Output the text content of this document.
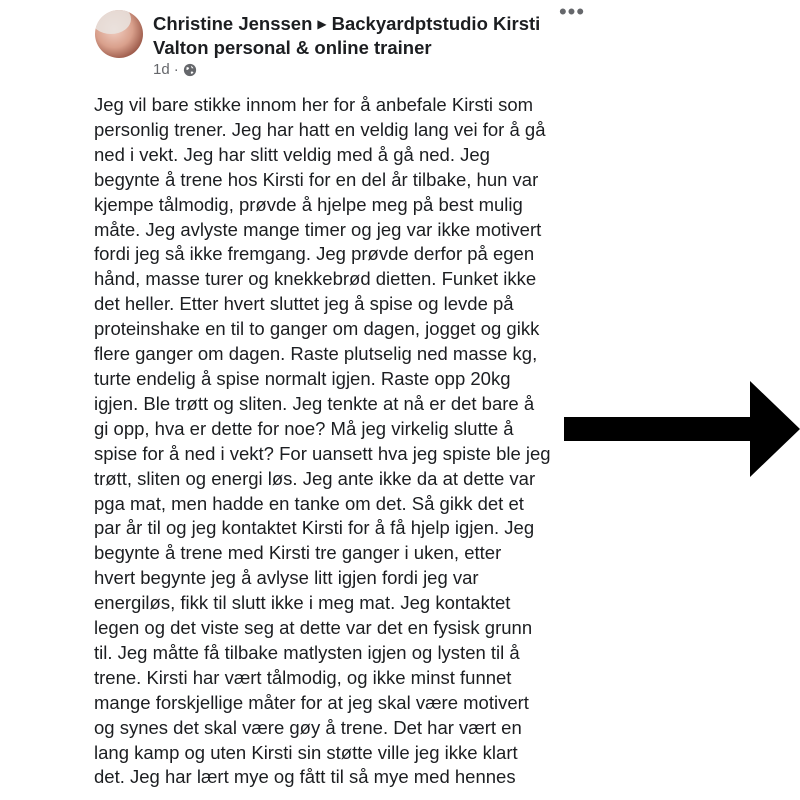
Christine Jenssen ▶ Backyardptstudio Kirsti Valton personal & online trainer
1d ·
•••
Jeg vil bare stikke innom her for å anbefale Kirsti som
personlig trener. Jeg har hatt en veldig lang vei for å gå
ned i vekt. Jeg har slitt veldig med å gå ned. Jeg
begynte å trene hos Kirsti for en del år tilbake, hun var
kjempe tålmodig, prøvde å hjelpe meg på best mulig
måte. Jeg avlyste mange timer og jeg var ikke motivert
fordi jeg så ikke fremgang. Jeg prøvde derfor på egen
hånd, masse turer og knekkebrød dietten. Funket ikke
det heller. Etter hvert sluttet jeg å spise og levde på
proteinshake en til to ganger om dagen, jogget og gikk
flere ganger om dagen. Raste plutselig ned masse kg,
turte endelig å spise normalt igjen. Raste opp 20kg
igjen. Ble trøtt og sliten. Jeg tenkte at nå er det bare å
gi opp, hva er dette for noe? Må jeg virkelig slutte å
spise for å ned i vekt? For uansett hva jeg spiste ble jeg
trøtt, sliten og energi løs. Jeg ante ikke da at dette var
pga mat, men hadde en tanke om det. Så gikk det et
par år til og jeg kontaktet Kirsti for å få hjelp igjen. Jeg
begynte å trene med Kirsti tre ganger i uken, etter
hvert begynte jeg å avlyse litt igjen fordi jeg var
energiløs, fikk til slutt ikke i meg mat. Jeg kontaktet
legen og det viste seg at dette var det en fysisk grunn
til. Jeg måtte få tilbake matlysten igjen og lysten til å
trene. Kirsti har vært tålmodig, og ikke minst funnet
mange forskjellige måter for at jeg skal være motivert
og synes det skal være gøy å trene. Det har vært en
lang kamp og uten Kirsti sin støtte ville jeg ikke klart
det. Jeg har lært mye og fått til så mye med hennes
